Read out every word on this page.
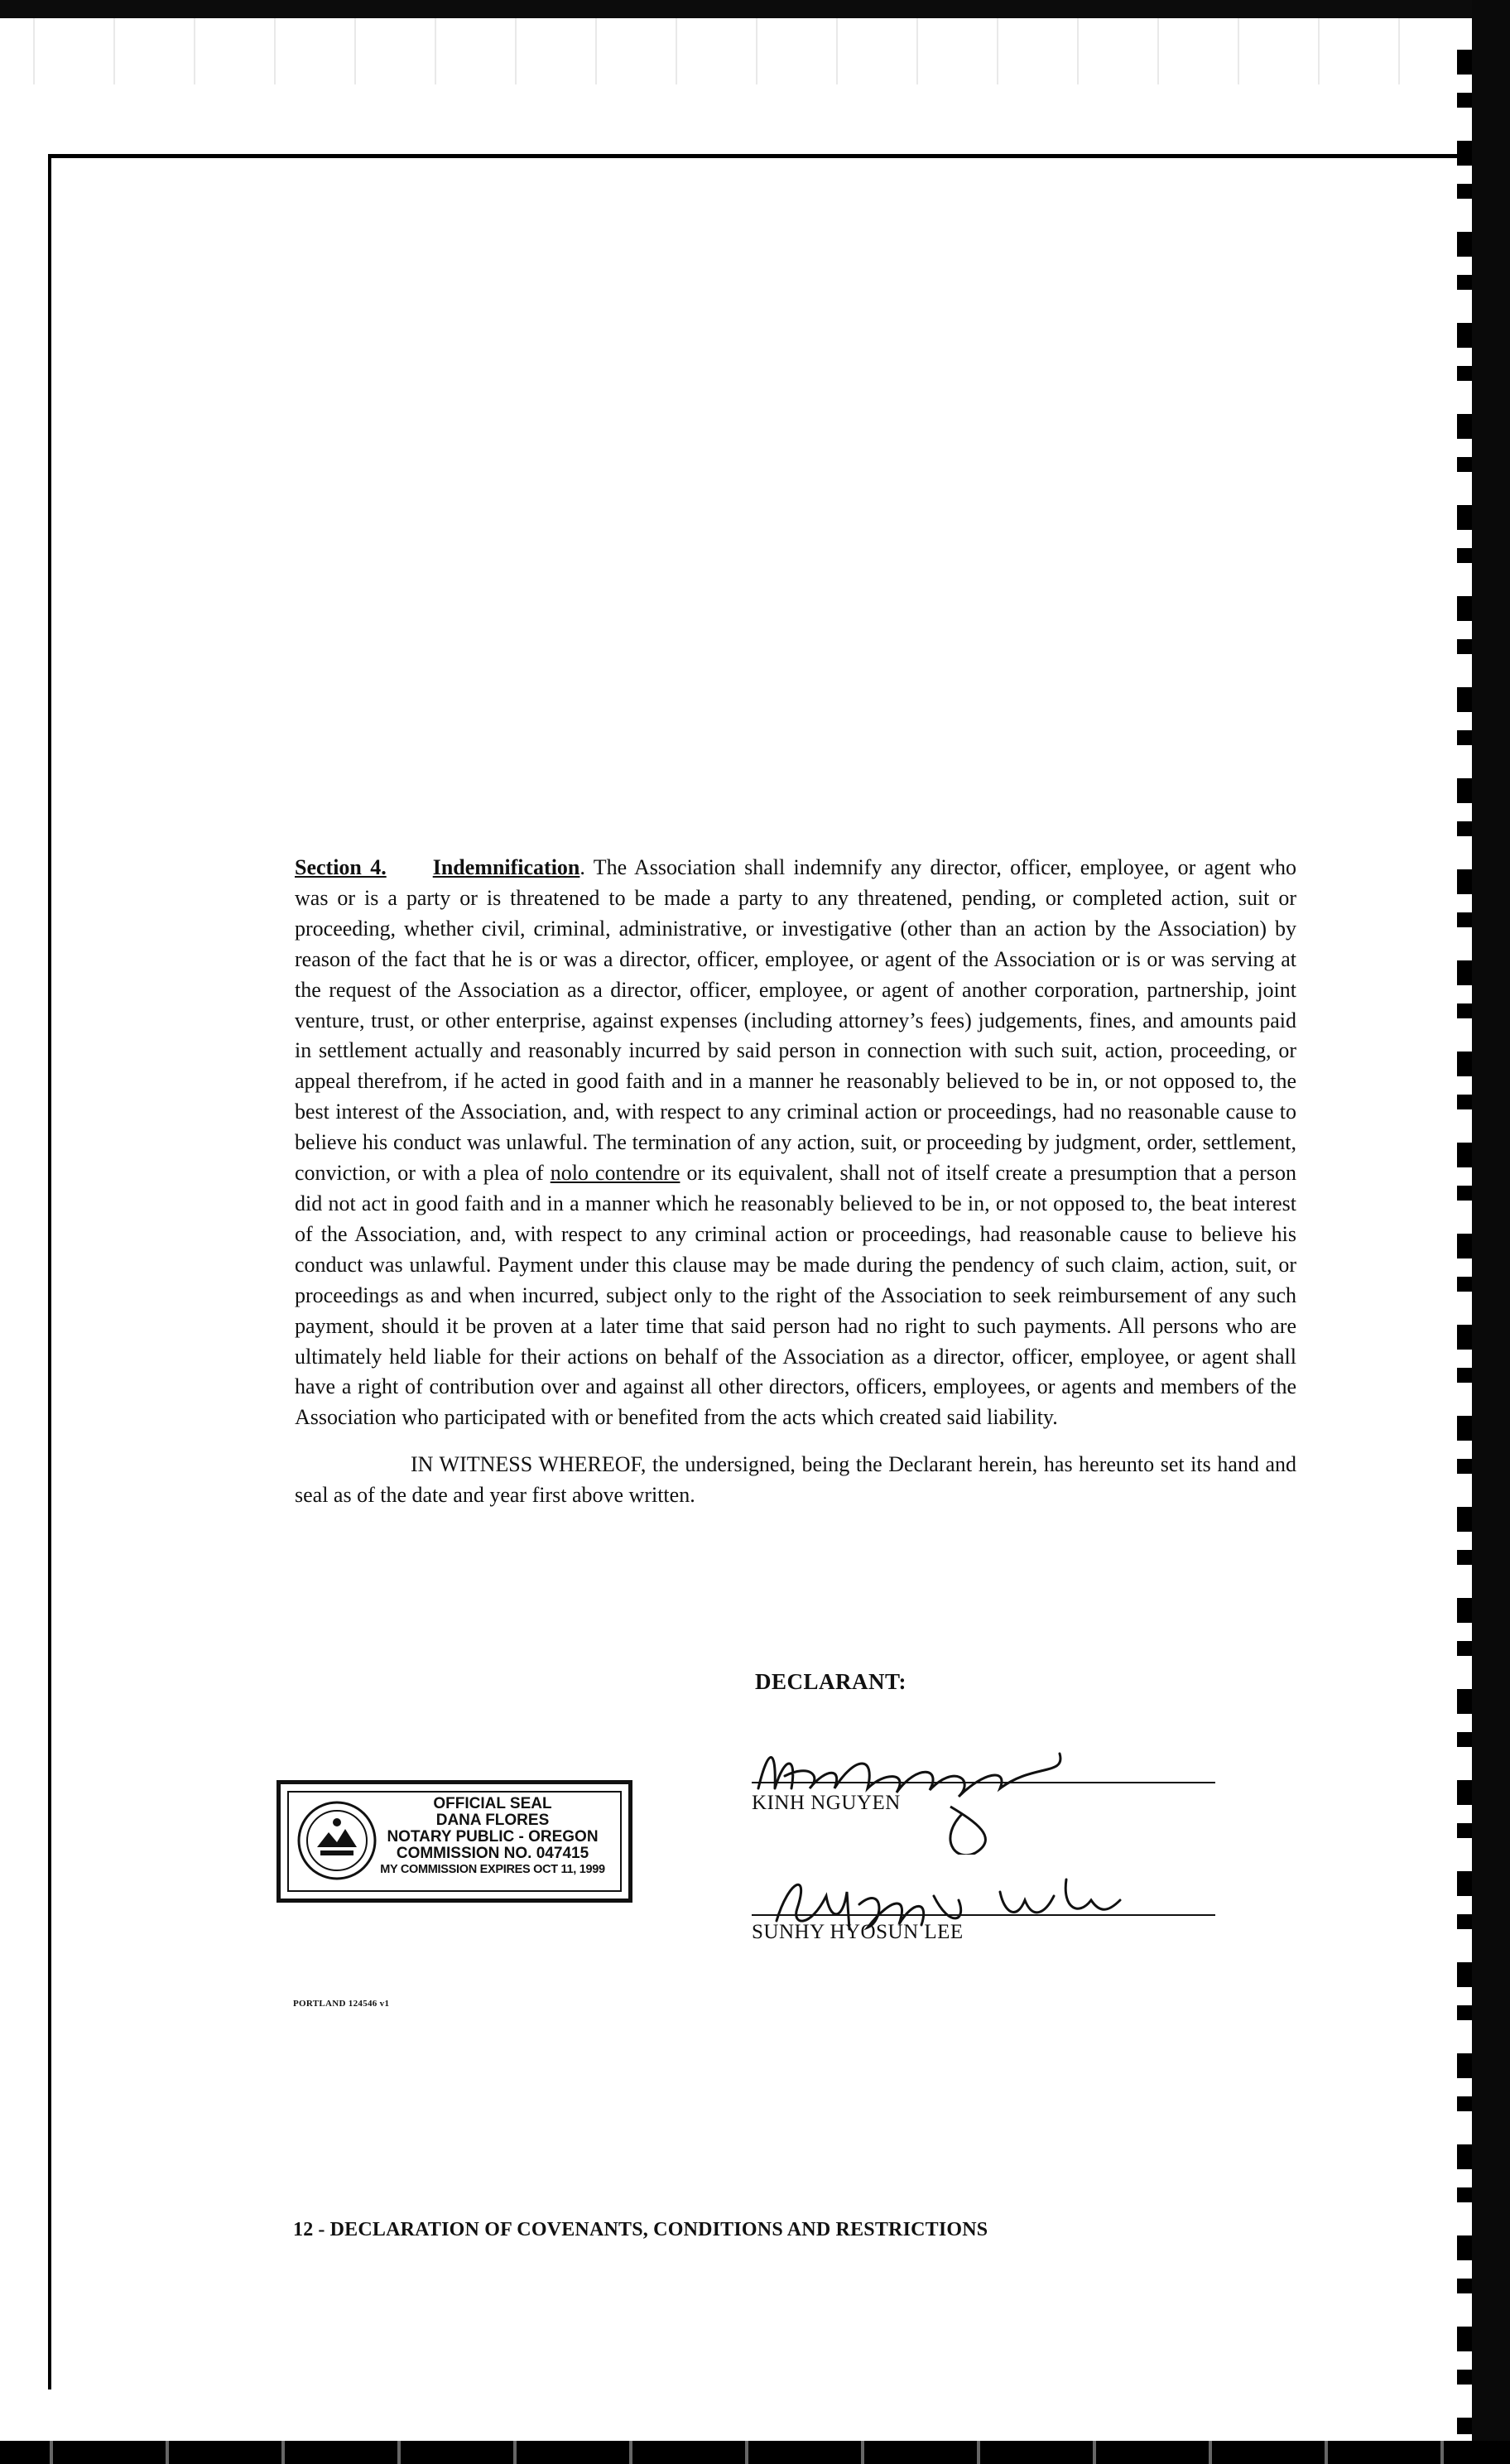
Section 4. Indemnification. The Association shall indemnify any director, officer, employee, or agent who was or is a party or is threatened to be made a party to any threatened, pending, or completed action, suit or proceeding, whether civil, criminal, administrative, or investigative (other than an action by the Association) by reason of the fact that he is or was a director, officer, employee, or agent of the Association or is or was serving at the request of the Association as a director, officer, employee, or agent of another corporation, partnership, joint venture, trust, or other enterprise, against expenses (including attorney’s fees) judgements, fines, and amounts paid in settlement actually and reasonably incurred by said person in connection with such suit, action, proceeding, or appeal therefrom, if he acted in good faith and in a manner he reasonably believed to be in, or not opposed to, the best interest of the Association, and, with respect to any criminal action or proceedings, had no reasonable cause to believe his conduct was unlawful. The termination of any action, suit, or proceeding by judgment, order, settlement, conviction, or with a plea of nolo contendre or its equivalent, shall not of itself create a presumption that a person did not act in good faith and in a manner which he reasonably believed to be in, or not opposed to, the beat interest of the Association, and, with respect to any criminal action or proceedings, had reasonable cause to believe his conduct was unlawful. Payment under this clause may be made during the pendency of such claim, action, suit, or proceedings as and when incurred, subject only to the right of the Association to seek reimbursement of any such payment, should it be proven at a later time that said person had no right to such payments. All persons who are ultimately held liable for their actions on behalf of the Association as a director, officer, employee, or agent shall have a right of contribution over and against all other directors, officers, employees, or agents and members of the Association who participated with or benefited from the acts which created said liability.

IN WITNESS WHEREOF, the undersigned, being the Declarant herein, has hereunto set its hand and seal as of the date and year first above written.

DECLARANT:
KINH NGUYEN
SUNHY HYOSUN LEE
OFFICIAL SEAL
DANA FLORES
NOTARY PUBLIC - OREGON
COMMISSION NO. 047415
MY COMMISSION EXPIRES OCT 11, 1999
PORTLAND 124546 v1
12 - DECLARATION OF COVENANTS, CONDITIONS AND RESTRICTIONS
